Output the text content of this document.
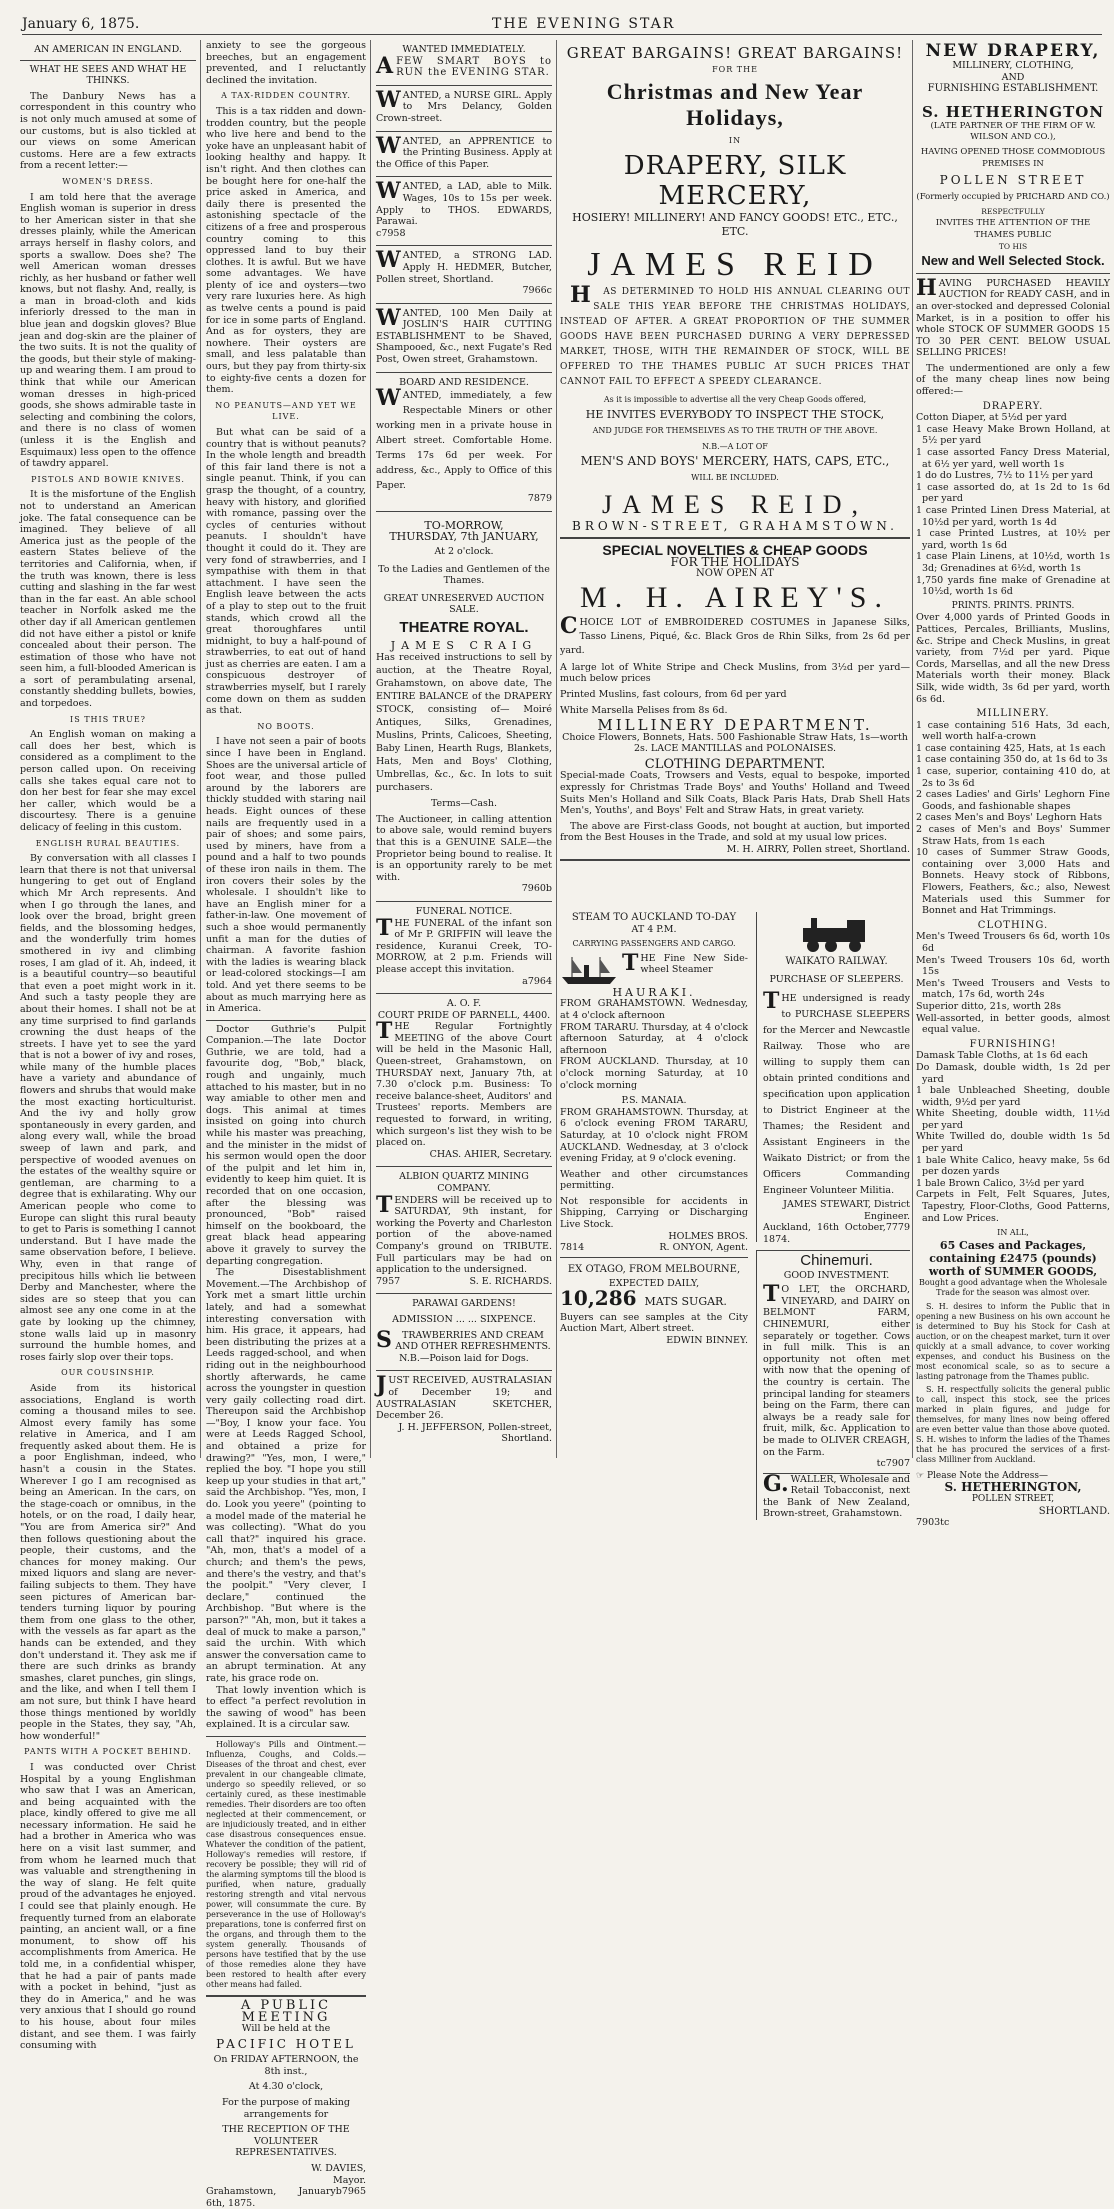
January 6, 1875.	THE EVENING STAR
AN AMERICAN IN ENGLAND.
WHAT HE SEES AND WHAT HE THINKS.

The Danbury News has a correspondent in this country who is not only much amused at some of our customs, but is also tickled at our views on some American customs. Here are a few extracts from a recent letter:—

WOMEN'S DRESS.

I am told here that the average English woman is superior in dress to her American sister in that she dresses plainly, while the American arrays herself in flashy colors, and sports a swallow. Does she? The well American woman dresses richly, as her husband or father well knows, but not flashy. And, really, is a man in broad-cloth and kids inferiorly dressed to the man in blue jean and dogskin gloves? Blue jean and dog-skin are the plainer of the two suits. It is not the quality of the goods, but their style of making-up and wearing them. I am proud to think that while our American woman dresses in high-priced goods, she shows admirable taste in selecting and combining the colors, and there is no class of women (unless it is the English and Esquimaux) less open to the offence of tawdry apparel.

PISTOLS AND BOWIE KNIVES.

It is the misfortune of the English not to understand an American joke. The fatal consequence can be imagined. They believe of all America just as the people of the eastern States believe of the territories and California, when, if the truth was known, there is less cutting and slashing in the far west than in the far east. An able school teacher in Norfolk asked me the other day if all American gentlemen did not have either a pistol or knife concealed about their person. The estimation of those who have not seen him, a full-blooded American is a sort of perambulating arsenal, constantly shedding bullets, bowies, and torpedoes.

IS THIS TRUE?

An English woman on making a call does her best, which is considered as a compliment to the person called upon. On receiving calls she takes equal care not to don her best for fear she may excel her caller, which would be a discourtesy. There is a genuine delicacy of feeling in this custom.

ENGLISH RURAL BEAUTIES.

By conversation with all classes I learn that there is not that universal hungering to get out of England which Mr Arch represents. And when I go through the lanes, and look over the broad, bright green fields, and the blossoming hedges, and the wonderfully trim homes smothered in ivy and climbing roses, I am glad of it. Ah, indeed, it is a beautiful country—so beautiful that even a poet might work in it. And such a tasty people they are about their homes. I shall not be at any time surprised to find garlands crowning the dust heaps of the streets. I have yet to see the yard that is not a bower of ivy and roses, while many of the humble places have a variety and abundance of flowers and shrubs that would make the most exacting horticulturist. And the ivy and holly grow spontaneously in every garden, and along every wall, while the broad sweep of lawn and park, and perspective of wooded avenues on the estates of the wealthy squire or gentleman, are charming to a degree that is exhilarating. Why our American people who come to Europe can slight this rural beauty to get to Paris is something I cannot understand. But I have made the same observation before, I believe. Why, even in that range of precipitous hills which lie between Derby and Manchester, where the sides are so steep that you can almost see any one come in at the gate by looking up the chimney, stone walls laid up in masonry surround the humble homes, and roses fairly slop over their tops.

OUR COUSINSHIP.

Aside from its historical associations, England is worth coming a thousand miles to see. Almost every family has some relative in America, and I am frequently asked about them. He is a poor Englishman, indeed, who hasn't a cousin in the States. Wherever I go I am recognised as being an American. In the cars, on the stage-coach or omnibus, in the hotels, or on the road, I daily hear, "You are from America sir?" And then follows questioning about the people, their customs, and the chances for money making. Our mixed liquors and slang are never-failing subjects to them. They have seen pictures of American bar-tenders turning liquor by pouring them from one glass to the other, with the vessels as far apart as the hands can be extended, and they don't understand it. They ask me if there are such drinks as brandy smashes, claret punches, gin slings, and the like, and when I tell them I am not sure, but think I have heard those things mentioned by worldly people in the States, they say, "Ah, how wonderful!"

PANTS WITH A POCKET BEHIND.

I was conducted over Christ Hospital by a young Englishman who saw that I was an American, and being acquainted with the place, kindly offered to give me all necessary information. He said he had a brother in America who was here on a visit last summer, and from whom he learned much that was valuable and strengthening in the way of slang. He felt quite proud of the advantages he enjoyed. I could see that plainly enough. He frequently turned from an elaborate painting, an ancient wall, or a fine monument, to show off his accomplishments from America. He told me, in a confidential whisper, that he had a pair of pants made with a pocket in behind, "just as they do in America," and he was very anxious that I should go round to his house, about four miles distant, and see them. I was fairly consuming with

anxiety to see the gorgeous breeches, but an engagement prevented, and I reluctantly declined the invitation.

A TAX-RIDDEN COUNTRY.

This is a tax ridden and down-trodden country, but the people who live here and bend to the yoke have an unpleasant habit of looking healthy and happy. It isn't right. And then clothes can be bought here for one-half the price asked in America, and daily there is presented the astonishing spectacle of the citizens of a free and prosperous country coming to this oppressed land to buy their clothes. It is awful. But we have some advantages. We have plenty of ice and oysters—two very rare luxuries here. As high as twelve cents a pound is paid for ice in some parts of England. And as for oysters, they are nowhere. Their oysters are small, and less palatable than ours, but they pay from thirty-six to eighty-five cents a dozen for them.

NO PEANUTS—AND YET WE LIVE.

But what can be said of a country that is without peanuts? In the whole length and breadth of this fair land there is not a single peanut. Think, if you can grasp the thought, of a country, heavy with history, and glorified with romance, passing over the cycles of centuries without peanuts. I shouldn't have thought it could do it. They are very fond of strawberries, and I sympathise with them in that attachment. I have seen the English leave between the acts of a play to step out to the fruit stands, which crowd all the great thoroughfares until midnight, to buy a half-pound of strawberries, to eat out of hand just as cherries are eaten. I am a conspicuous destroyer of strawberries myself, but I rarely come down on them as sudden as that.

NO BOOTS.

I have not seen a pair of boots since I have been in England. Shoes are the universal article of foot wear, and those pulled around by the laborers are thickly studded with staring nail heads. Eight ounces of these nails are frequently used in a pair of shoes; and some pairs, used by miners, have from a pound and a half to two pounds of these iron nails in them. The iron covers their soles by the wholesale. I shouldn't like to have an English miner for a father-in-law. One movement of such a shoe would permanently unfit a man for the duties of chairman. A favorite fashion with the ladies is wearing black or lead-colored stockings—I am told. And yet there seems to be about as much marrying here as in America.

Doctor Guthrie's Pulpit Companion.—The late Doctor Guthrie, we are told, had a favourite dog, "Bob," black, rough and ungainly, much attached to his master, but in no way amiable to other men and dogs. This animal at times insisted on going into church while his master was preaching, and the minister in the midst of his sermon would open the door of the pulpit and let him in, evidently to keep him quiet. It is recorded that on one occasion, after the blessing was pronounced, "Bob" raised himself on the bookboard, the great black head appearing above it gravely to survey the departing congregation.

The Disestablishment Movement.—The Archbishop of York met a smart little urchin lately, and had a somewhat interesting conversation with him. His grace, it appears, had been distributing the prizes at a Leeds ragged-school, and when riding out in the neighbourhood shortly afterwards, he came across the youngster in question very gaily collecting road dirt. Thereupon said the Archbishop—"Boy, I know your face. You were at Leeds Ragged School, and obtained a prize for drawing?" "Yes, mon, I were," replied the boy. "I hope you still keep up your studies in that art," said the Archbishop. "Yes, mon, I do. Look you yeere" (pointing to a model made of the material he was collecting). "What do you call that?" inquired his grace. "Ah, mon, that's a model of a church; and them's the pews, and there's the vestry, and that's the poolpit." "Very clever, I declare," continued the Archbishop. "But where is the parson?" "Ah, mon, but it takes a deal of muck to make a parson," said the urchin. With which answer the conversation came to an abrupt termination. At any rate, his grace rode on.

That lowly invention which is to effect "a perfect revolution in the sawing of wood" has been explained. It is a circular saw.

Holloway's Pills and Ointment.—Influenza, Coughs, and Colds.—Diseases of the throat and chest, ever prevalent in our changeable climate, undergo so speedily relieved, or so certainly cured, as these inestimable remedies. Their disorders are too often neglected at their commencement, or are injudiciously treated, and in either case disastrous consequences ensue. Whatever the condition of the patient, Holloway's remedies will restore, if recovery be possible; they will rid of the alarming symptoms till the blood is purified, when nature, gradually restoring strength and vital nervous power, will consummate the cure. By perseverance in the use of Holloway's preparations, tone is conferred first on the organs, and through them to the system generally. Thousands of persons have testified that by the use of those remedies alone they have been restored to health after every other means had failed.

A PUBLIC MEETING
Will be held at the
PACIFIC HOTEL
On FRIDAY AFTERNOON, the 8th inst.,
At 4.30 o'clock,
For the purpose of making arrangements for
THE RECEPTION OF THE VOLUNTEER REPRESENTATIVES.
W. DAVIES,
Mayor.
Grahamstown, January 6th, 1875.
b7965
WANTED IMMEDIATELY.

AFEW SMART BOYS to RUN the EVENING STAR.

WANTED, a NURSE GIRL. Apply to Mrs Delancy, Golden Crown-street.

WANTED, an APPRENTICE to the Printing Business. Apply at the Office of this Paper.

WANTED, a LAD, able to Milk. Wages, 10s to 15s per week. Apply to THOS. EDWARDS, Parawai.

c7958

WANTED, a STRONG LAD. Apply H. HEDMER, Butcher, Pollen street, Shortland.

7966c

WANTED, 100 Men Daily at JOSLIN'S HAIR CUTTING ESTABLISHMENT to be Shaved, Shampooed, &c., next Fugate's Red Post, Owen street, Grahamstown.

BOARD AND RESIDENCE.

WANTED, immediately, a few Respectable Miners or other working men in a private house in Albert street. Comfortable Home. Terms 17s 6d per week. For address, &c., Apply to Office of this Paper.

7879
TO-MORROW,
THURSDAY, 7th JANUARY,
At 2 o'clock.
To the Ladies and Gentlemen of the Thames.
GREAT UNRESERVED AUCTION SALE.
THEATRE ROYAL.
JAMES CRAIG

Has received instructions to sell by auction, at the Theatre Royal, Grahamstown, on above date, The ENTIRE BALANCE of the DRAPERY STOCK, consisting of— Moiré Antiques, Silks, Grenadines, Muslins, Prints, Calicoes, Sheeting, Baby Linen, Hearth Rugs, Blankets, Hats, Men and Boys' Clothing, Umbrellas, &c., &c. In lots to suit purchasers.

Terms—Cash.

The Auctioneer, in calling attention to above sale, would remind buyers that this is a GENUINE SALE—the Proprietor being bound to realise. It is an opportunity rarely to be met with.

7960b
FUNERAL NOTICE.

THE FUNERAL of the infant son of Mr P. GRIFFIN will leave the residence, Kuranui Creek, TO-MORROW, at 2 p.m. Friends will please accept this invitation.

a7964
A. O. F.
COURT PRIDE OF PARNELL, 4400.

THE Regular Fortnightly MEETING of the above Court will be held in the Masonic Hall, Queen-street, Grahamstown, on THURSDAY next, January 7th, at 7.30 o'clock p.m. Business: To receive balance-sheet, Auditors' and Trustees' reports. Members are requested to forward, in writing, which surgeon's list they wish to be placed on.

CHAS. AHIER, Secretary.
ALBION QUARTZ MINING COMPANY.

TENDERS will be received up to SATURDAY, 9th instant, for working the Poverty and Charleston portion of the above-named Company's ground on TRIBUTE. Full particulars may be had on application to the undersigned.

7957	S. E. RICHARDS.
PARAWAI GARDENS!
ADMISSION ... ... SIXPENCE.

STRAWBERRIES AND CREAM AND OTHER REFRESHMENTS.

N.B.—Poison laid for Dogs.

JUST RECEIVED, AUSTRALASIAN of December 19; and AUSTRALASIAN SKETCHER, December 26.

J. H. JEFFERSON, Pollen-street, Shortland.
GREAT BARGAINS! GREAT BARGAINS!
FOR THE
Christmas and New Year Holidays,
IN
DRAPERY, SILK MERCERY,
HOSIERY! MILLINERY! AND FANCY GOODS! ETC., ETC., ETC.
JAMES REID

HAS DETERMINED TO HOLD HIS ANNUAL CLEARING OUT SALE THIS YEAR BEFORE THE CHRISTMAS HOLIDAYS, INSTEAD OF AFTER. A GREAT PROPORTION OF THE SUMMER GOODS HAVE BEEN PURCHASED DURING A VERY DEPRESSED MARKET, THOSE, WITH THE REMAINDER OF STOCK, WILL BE OFFERED TO THE THAMES PUBLIC AT SUCH PRICES THAT CANNOT FAIL TO EFFECT A SPEEDY CLEARANCE.

As it is impossible to advertise all the very Cheap Goods offered,
HE INVITES EVERYBODY TO INSPECT THE STOCK,
AND JUDGE FOR THEMSELVES AS TO THE TRUTH OF THE ABOVE.
N.B.—A LOT OF
MEN'S AND BOYS' MERCERY, HATS, CAPS, ETC.,
WILL BE INCLUDED.
JAMES REID,
BROWN-STREET, GRAHAMSTOWN.
SPECIAL NOVELTIES & CHEAP GOODS
FOR THE HOLIDAYS
NOW OPEN AT
M. H. AIREY'S.

CHOICE LOT of EMBROIDERED COSTUMES in Japanese Silks, Tasso Linens, Piqué, &c. Black Gros de Rhin Silks, from 2s 6d per yard.

A large lot of White Stripe and Check Muslins, from 3½d per yard—much below prices

Printed Muslins, fast colours, from 6d per yard

White Marsella Pelises from 8s 6d.

MILLINERY DEPARTMENT.
Choice Flowers, Bonnets, Hats. 500 Fashionable Straw Hats, 1s—worth 2s. LACE MANTILLAS and POLONAISES.
CLOTHING DEPARTMENT.

Special-made Coats, Trowsers and Vests, equal to bespoke, imported expressly for Christmas Trade Boys' and Youths' Holland and Tweed Suits Men's Holland and Silk Coats, Black Paris Hats, Drab Shell Hats Men's, Youths', and Boys' Felt and Straw Hats, in great variety.

The above are First-class Goods, not bought at auction, but imported from the Best Houses in the Trade, and sold at my usual low prices.

M. H. AIRRY, Pollen street, Shortland.
STEAM TO AUCKLAND TO-DAY
AT 4 P.M.
CARRYING PASSENGERS AND CARGO.

THE Fine New Side-wheel Steamer

HAURAKI.

FROM GRAHAMSTOWN. Wednesday, at 4 o'clock afternoon

FROM TARARU. Thursday, at 4 o'clock afternoon Saturday, at 4 o'clock afternoon

FROM AUCKLAND. Thursday, at 10 o'clock morning Saturday, at 10 o'clock morning

P.S. MANAIA.

FROM GRAHAMSTOWN. Thursday, at 6 o'clock evening FROM TARARU, Saturday, at 10 o'clock night FROM AUCKLAND. Wednesday, at 3 o'clock evening Friday, at 9 o'clock evening.

Weather and other circumstances permitting.

Not responsible for accidents in Shipping, Carrying or Discharging Live Stock.

HOLMES BROS.
7814	R. ONYON, Agent.
EX OTAGO, FROM MELBOURNE,
EXPECTED DAILY,
10,286 MATS SUGAR.

Buyers can see samples at the City Auction Mart, Albert street.

EDWIN BINNEY.
WAIKATO RAILWAY.
PURCHASE OF SLEEPERS.

THE undersigned is ready to PURCHASE SLEEPERS for the Mercer and Newcastle Railway. Those who are willing to supply them can obtain printed conditions and specification upon application to District Engineer at the Thames; the Resident and Assistant Engineers in the Waikato District; or from the Officers Commanding Engineer Volunteer Militia.

JAMES STEWART, District Engineer.
Auckland, 16th October, 1874.
7779
Chinemuri.
GOOD INVESTMENT.

TO LET, the ORCHARD, VINEYARD, and DAIRY on BELMONT FARM, CHINEMURI, either separately or together. Cows in full milk. This is an opportunity not often met with now that the opening of the country is certain. The principal landing for steamers being on the Farm, there can always be a ready sale for fruit, milk, &c. Application to be made to OLIVER CREAGH, on the Farm.

tc7907

G.WALLER, Wholesale and Retail Tobacconist, next the Bank of New Zealand, Brown-street, Grahamstown.

NEW DRAPERY,
MILLINERY, CLOTHING,
AND
FURNISHING ESTABLISHMENT.
S. HETHERINGTON
(LATE PARTNER OF THE FIRM OF W. WILSON AND CO.),
HAVING OPENED THOSE COMMODIOUS PREMISES IN
POLLEN STREET
(Formerly occupied by PRICHARD AND CO.)
RESPECTFULLY
INVITES THE ATTENTION OF THE THAMES PUBLIC
TO HIS
New and Well Selected Stock.

HAVING PURCHASED HEAVILY AUCTION for READY CASH, and in an over-stocked and depressed Colonial Market, is in a position to offer his whole STOCK OF SUMMER GOODS 15 TO 30 PER CENT. BELOW USUAL SELLING PRICES!

The undermentioned are only a few of the many cheap lines now being offered:—

DRAPERY.
Cotton Diaper, at 5½d per yard
1 case Heavy Make Brown Holland, at 5½ per yard
1 case assorted Fancy Dress Material, at 6½ yer yard, well worth 1s
1 do do Lustres, 7½ to 11½ per yard
1 case assorted do, at 1s 2d to 1s 6d per yard
1 case Printed Linen Dress Material, at 10½d per yard, worth 1s 4d
1 case Printed Lustres, at 10½ per yard, worth 1s 6d
1 case Plain Linens, at 10½d, worth 1s 3d; Grenadines at 6½d, worth 1s
1,750 yards fine make of Grenadine at 10½d, worth 1s 6d
PRINTS. PRINTS. PRINTS.

Over 4,000 yards of Printed Goods in Pattices, Percales, Brilliants, Muslins, &c. Stripe and Check Muslins, in great variety, from 7½d per yard. Pique Cords, Marsellas, and all the new Dress Materials worth their money. Black Silk, wide width, 3s 6d per yard, worth 6s 6d.

MILLINERY.
1 case containing 516 Hats, 3d each, well worth half-a-crown
1 case containing 425, Hats, at 1s each
1 case containing 350 do, at 1s 6d to 3s
1 case, superior, containing 410 do, at 2s to 3s 6d
2 cases Ladies' and Girls' Leghorn Fine Goods, and fashionable shapes
2 cases Men's and Boys' Leghorn Hats
2 cases of Men's and Boys' Summer Straw Hats, from 1s each
10 cases of Summer Straw Goods, containing over 3,000 Hats and Bonnets. Heavy stock of Ribbons, Flowers, Feathers, &c.; also, Newest Materials used this Summer for Bonnet and Hat Trimmings.
CLOTHING.
Men's Tweed Trousers 6s 6d, worth 10s 6d
Men's Tweed Trousers 10s 6d, worth 15s
Men's Tweed Trousers and Vests to match, 17s 6d, worth 24s
Superior ditto, 21s, worth 28s
Well-assorted, in better goods, almost equal value.
FURNISHING!
Damask Table Cloths, at 1s 6d each
Do Damask, double width, 1s 2d per yard
1 bale Unbleached Sheeting, double width, 9½d per yard
White Sheeting, double width, 11½d per yard
White Twilled do, double width 1s 5d per yard
1 bale White Calico, heavy make, 5s 6d per dozen yards
1 bale Brown Calico, 3½d per yard
Carpets in Felt, Felt Squares, Jutes, Tapestry, Floor-Cloths, Good Patterns, and Low Prices.
IN ALL,
65 Cases and Packages, containing £2475 (pounds) worth of SUMMER GOODS,

Bought a good advantage when the Wholesale Trade for the season was almost over.

S. H. desires to inform the Public that in opening a new Business on his own account he is determined to Buy his Stock for Cash at auction, or on the cheapest market, turn it over quickly at a small advance, to cover working expenses, and conduct his Business on the most economical scale, so as to secure a lasting patronage from the Thames public.

S. H. respectfully solicits the general public to call, inspect this stock, see the prices marked in plain figures, and judge for themselves, for many lines now being offered are even better value than those above quoted. S. H. wishes to inform the ladies of the Thames that he has procured the services of a first-class Milliner from Auckland.

☞ Please Note the Address—
S. HETHERINGTON,
POLLEN STREET,
SHORTLAND.
7903tc
